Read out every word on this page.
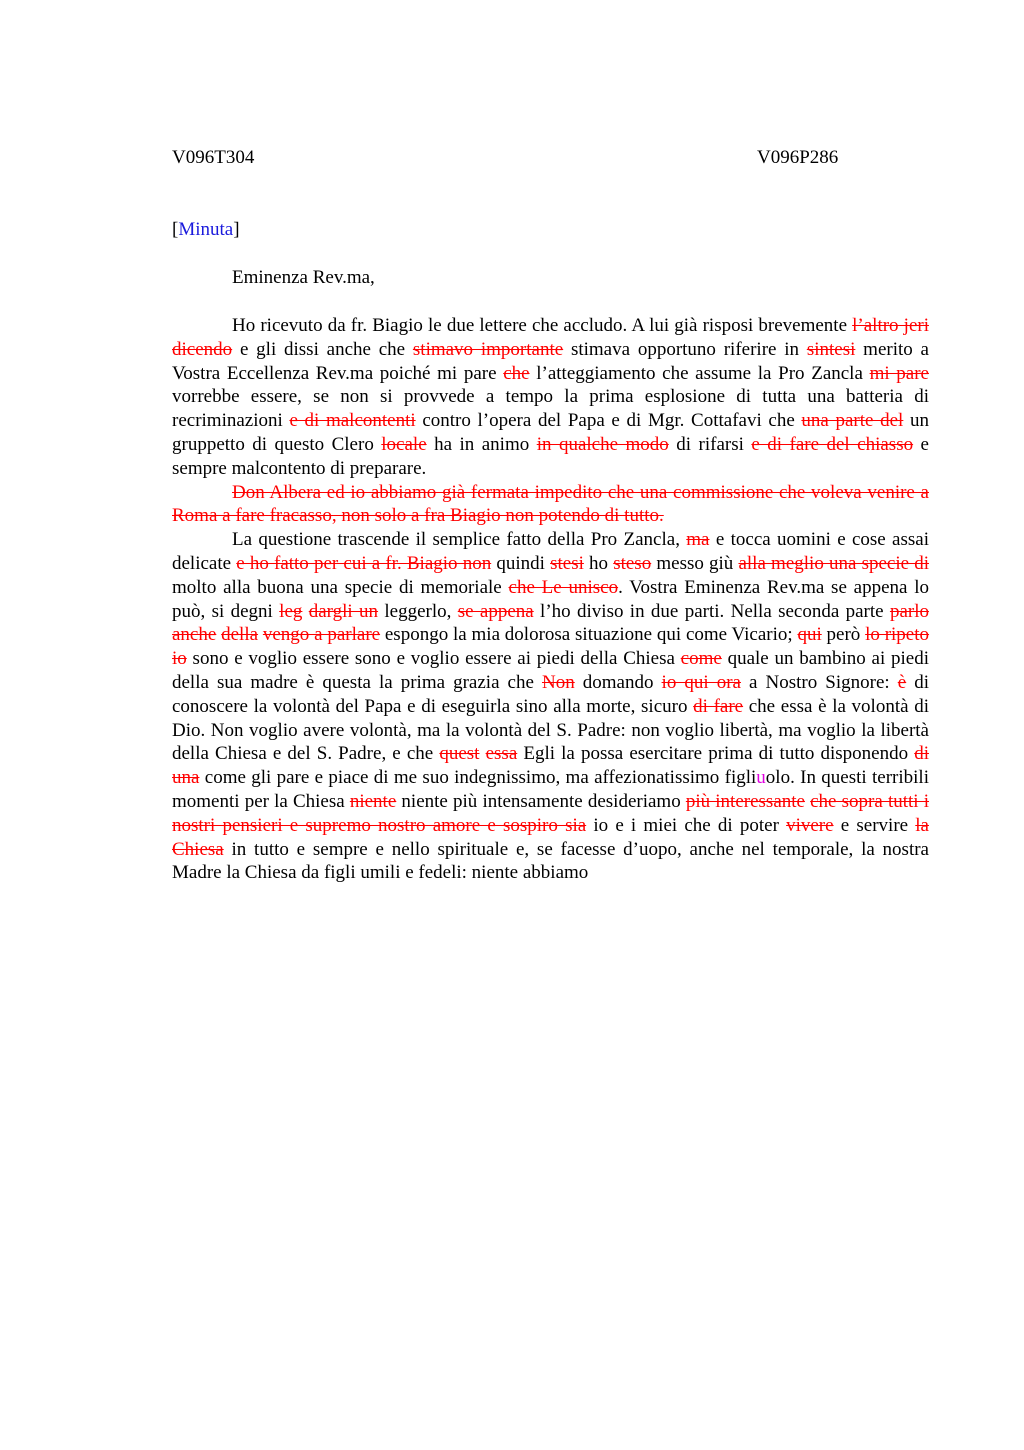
V096T304	V096P286
[Minuta]
Eminenza Rev.ma,

Ho ricevuto da fr. Biagio le due lettere che accludo. A lui già risposi brevemente l’altro jeri dicendo e gli dissi anche che stimavo importante stimava opportuno riferire in sintesi merito a Vostra Eccellenza Rev.ma poiché mi pare che l’atteggiamento che assume la Pro Zancla mi pare vorrebbe essere, se non si provvede a tempo la prima esplosione di tutta una batteria di recriminazioni e di malcontenti contro l’opera del Papa e di Mgr. Cottafavi che una parte del un gruppetto di questo Clero locale ha in animo in qualche modo di rifarsi e di fare del chiasso e sempre malcontento di preparare.

Don Albera ed io abbiamo già fermata impedito che una commissione che voleva venire a Roma a fare fracasso, non solo a fra Biagio non potendo di tutto.

La questione trascende il semplice fatto della Pro Zancla, ma e tocca uomini e cose assai delicate e ho fatto per cui a fr. Biagio non quindi stesi ho steso messo giù alla meglio una specie di molto alla buona una specie di memoriale che Le unisco. Vostra Eminenza Rev.ma se appena lo può, si degni leg dargli un leggerlo, se appena l’ho diviso in due parti. Nella seconda parte parlo anche della vengo a parlare espongo la mia dolorosa situazione qui come Vicario; qui però lo ripeto io sono e voglio essere sono e voglio essere ai piedi della Chiesa come quale un bambino ai piedi della sua madre è questa la prima grazia che Non domando io qui ora a Nostro Signore: è di conoscere la volontà del Papa e di eseguirla sino alla morte, sicuro di fare che essa è la volontà di Dio. Non voglio avere volontà, ma la volontà del S. Padre: non voglio libertà, ma voglio la libertà della Chiesa e del S. Padre, e che quest essa Egli la possa esercitare prima di tutto disponendo di una come gli pare e piace di me suo indegnissimo, ma affezionatissimo figliuolo. In questi terribili momenti per la Chiesa niente niente più intensamente desideriamo più interessante che sopra tutti i nostri pensieri e supremo nostro amore e sospiro sia io e i miei che di poter vivere e servire la Chiesa in tutto e sempre e nello spirituale e, se facesse d’uopo, anche nel temporale, la nostra Madre la Chiesa da figli umili e fedeli: niente abbiamo
